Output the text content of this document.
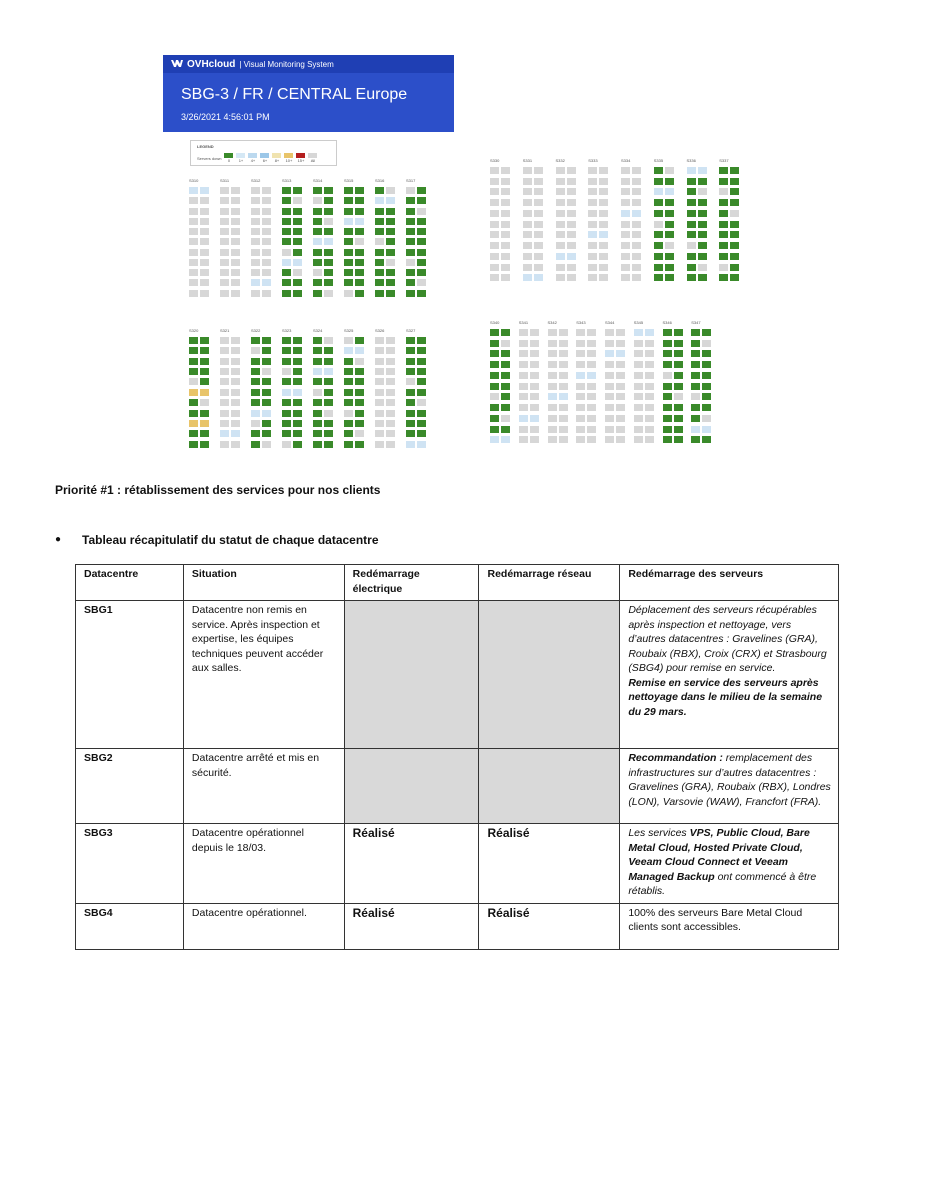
OVHcloud | Visual Monitoring System
SBG-3 / FR / CENTRAL Europe
3/26/2021 4:56:01 PM
LEGEND
Servers down 0 1+ 4+ 6+ 8+ 10+ 15+ All
S310	S311	S312	S313	S314	S315	S316	S317
S330	S331	S332	S333	S334	S335	S336	S337
S320	S321	S322	S323	S324	S325	S326	S327
S340	S341	S342	S343	S344	S345	S346	S347
Priorité #1 : rétablissement des services pour nos clients
● Tableau récapitulatif du statut de chaque datacentre
Datacentre	Situation	Redémarrage électrique	Redémarrage réseau	Redémarrage des serveurs
SBG1	Datacentre non remis en service. Après inspection et expertise, les équipes techniques peuvent accéder aux salles.			Déplacement des serveurs récupérables après inspection et nettoyage, vers d’autres datacentres : Gravelines (GRA), Roubaix (RBX), Croix (CRX) et Strasbourg (SBG4) pour remise en service.
Remise en service des serveurs après nettoyage dans le milieu de la semaine du 29 mars.
SBG2	Datacentre arrêté et mis en sécurité.			Recommandation : remplacement des infrastructures sur d’autres datacentres : Gravelines (GRA), Roubaix (RBX), Londres (LON), Varsovie (WAW), Francfort (FRA).
SBG3	Datacentre opérationnel depuis le 18/03.	Réalisé	Réalisé	Les services VPS, Public Cloud, Bare Metal Cloud, Hosted Private Cloud, Veeam Cloud Connect et Veeam Managed Backup ont commencé à être rétablis.
SBG4	Datacentre opérationnel.	Réalisé	Réalisé	100% des serveurs Bare Metal Cloud clients sont accessibles.
